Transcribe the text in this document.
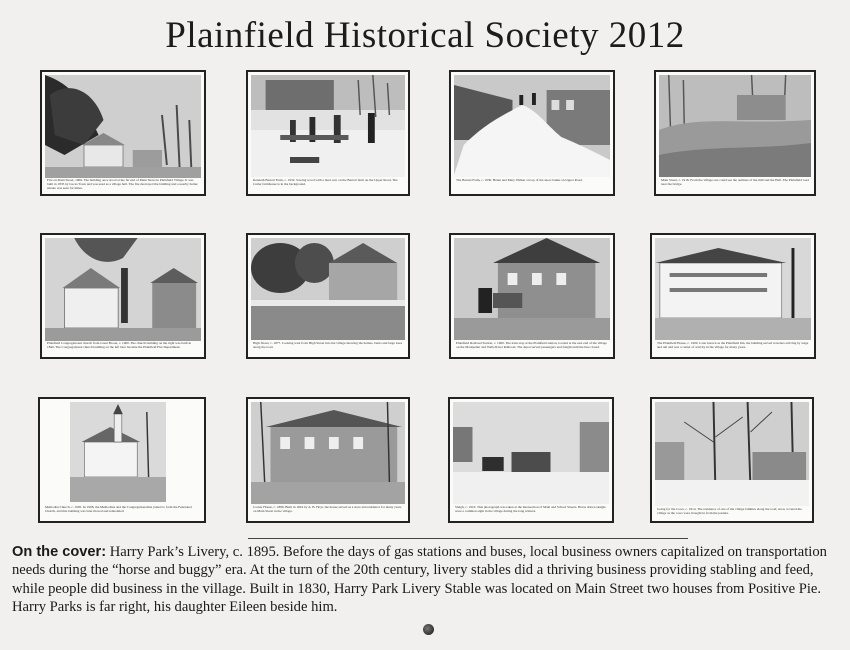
Plainfield Historical Society 2012
Fire on Main Street, 1906. The building once stood at the far end of Main Street in Plainfield Village. It was built in 1835 by Lucas Town and was used as a village hall. The fire destroyed the building and a nearby home; smoke was seen for miles.
Kenneth Barrett Farm, c. 1932. Sawing wood with a buzz saw on the Barrett farm on the Upper Road. The Cutler farmhouse is in the background.
The Barrett Farm, c. 1930. Helen and Mary Walker on top of the snow banks on Upper Road.	Main Street, c. 1918. From the village one could see the outlines of the mill and the Hall. The Plainfield road near the bridge.
Plainfield Congregational church from Great Brook, c. 1900. The church building on the right was built in 1840. The Congregational church building on the left later became the Plainfield Fire Department.
High Street, c. 1877. Looking west from High Street into the village showing the homes, barns and large trees along the road.
Plainfield Railroad Station, c. 1900. The train stop at the Plainfield station, located at the east end of the village on the Montpelier and Wells River Railroad. The depot served passengers and freight until the line closed.
The Plainfield House, c. 1909. Later known as the Plainfield Inn, the building served travelers arriving by stage and rail and was a center of activity in the village for many years.
Methodist Church, c. 1905. In 1908, the Methodists and the Congregationalists joined to form the Federated Church, and this building was later moved and remodeled.
Corner House, c. 1880. Built in 1824 by A. B. Hoyt, the house served as a store and residence for many years on Main Street in the village.
Sleigh, c. 1910. This photograph was taken at the intersection of Main and School Streets. Horse drawn sleighs were a common sight in the village during the long winters.	Going for the Cows, c. 1914. The residence of one of the village families along the road; snow covered the village as the cows were brought in from the pasture.
On the cover: Harry Park’s Livery, c. 1895. Before the days of gas stations and buses, local business owners capitalized on transportation needs during the “horse and buggy” era. At the turn of the 20th century, livery stables did a thriving business providing stabling and feed, while people did business in the village. Built in 1830, Harry Park Livery Stable was located on Main Street two houses from Positive Pie. Harry Parks is far right, his daughter Eileen beside him.
